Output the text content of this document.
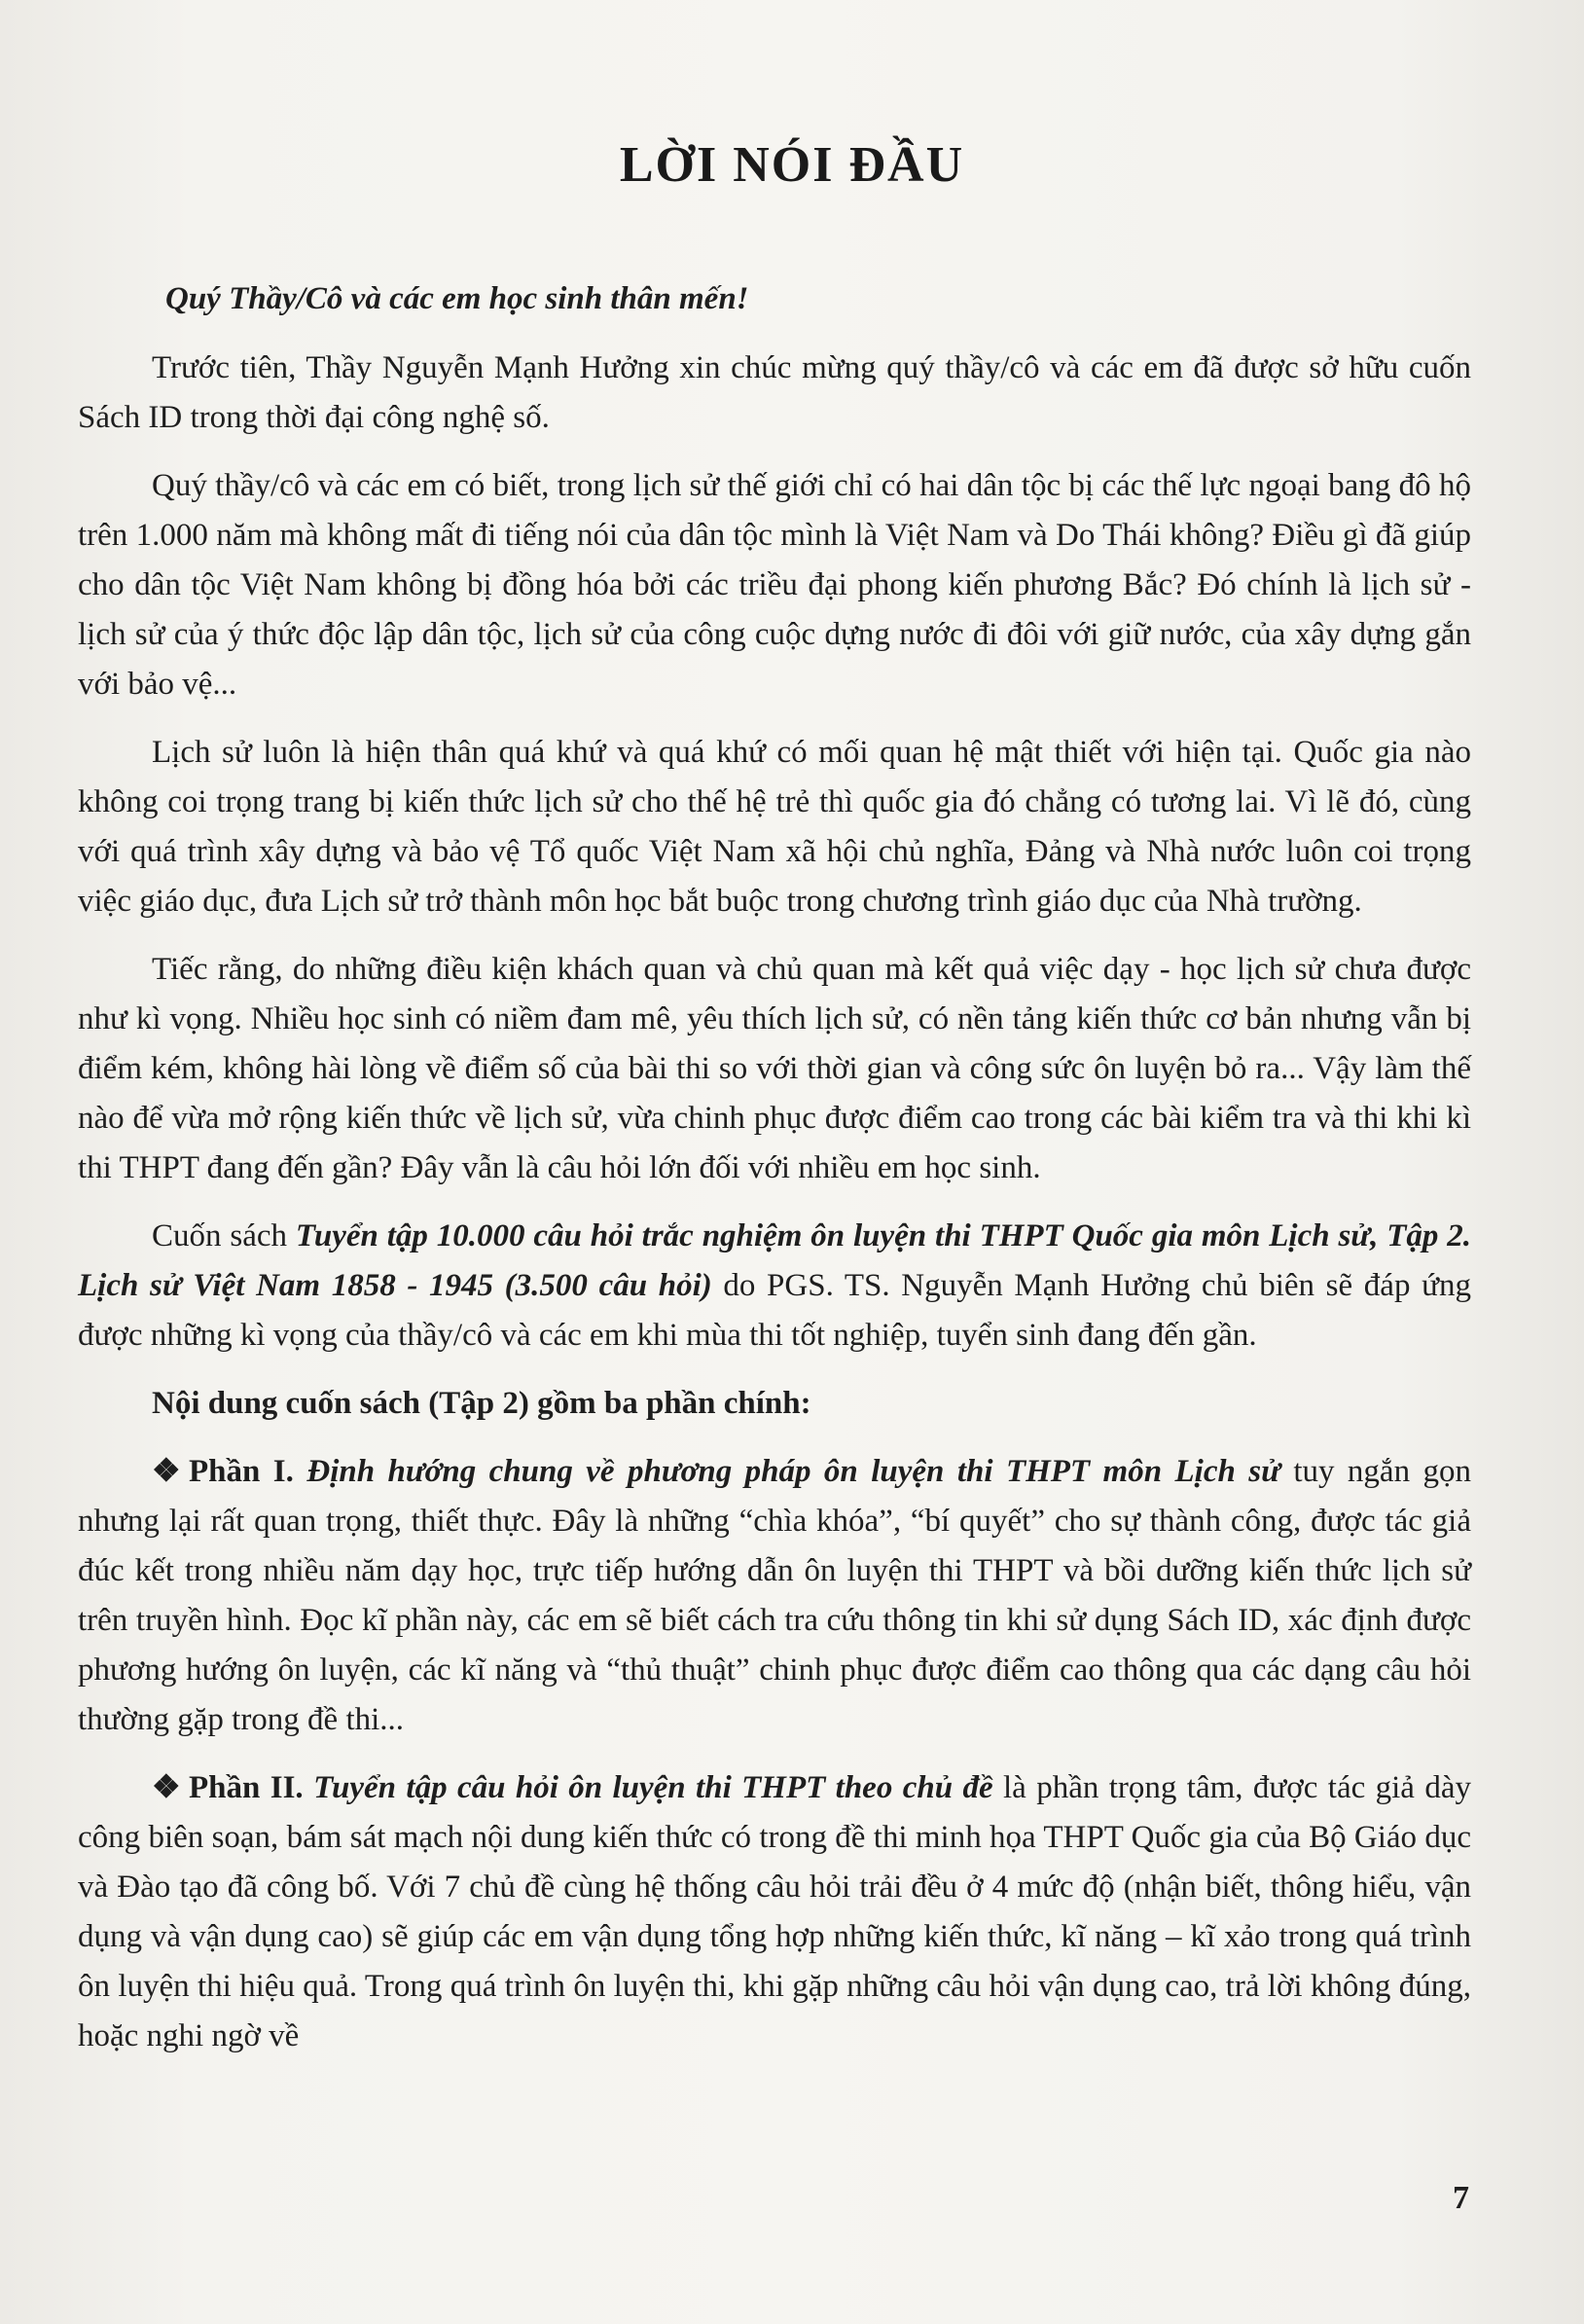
LỜI NÓI ĐẦU

Quý Thầy/Cô và các em học sinh thân mến!

Trước tiên, Thầy Nguyễn Mạnh Hưởng xin chúc mừng quý thầy/cô và các em đã được sở hữu cuốn Sách ID trong thời đại công nghệ số.

Quý thầy/cô và các em có biết, trong lịch sử thế giới chỉ có hai dân tộc bị các thế lực ngoại bang đô hộ trên 1.000 năm mà không mất đi tiếng nói của dân tộc mình là Việt Nam và Do Thái không? Điều gì đã giúp cho dân tộc Việt Nam không bị đồng hóa bởi các triều đại phong kiến phương Bắc? Đó chính là lịch sử - lịch sử của ý thức độc lập dân tộc, lịch sử của công cuộc dựng nước đi đôi với giữ nước, của xây dựng gắn với bảo vệ...

Lịch sử luôn là hiện thân quá khứ và quá khứ có mối quan hệ mật thiết với hiện tại. Quốc gia nào không coi trọng trang bị kiến thức lịch sử cho thế hệ trẻ thì quốc gia đó chẳng có tương lai. Vì lẽ đó, cùng với quá trình xây dựng và bảo vệ Tổ quốc Việt Nam xã hội chủ nghĩa, Đảng và Nhà nước luôn coi trọng việc giáo dục, đưa Lịch sử trở thành môn học bắt buộc trong chương trình giáo dục của Nhà trường.

Tiếc rằng, do những điều kiện khách quan và chủ quan mà kết quả việc dạy - học lịch sử chưa được như kì vọng. Nhiều học sinh có niềm đam mê, yêu thích lịch sử, có nền tảng kiến thức cơ bản nhưng vẫn bị điểm kém, không hài lòng về điểm số của bài thi so với thời gian và công sức ôn luyện bỏ ra... Vậy làm thế nào để vừa mở rộng kiến thức về lịch sử, vừa chinh phục được điểm cao trong các bài kiểm tra và thi khi kì thi THPT đang đến gần? Đây vẫn là câu hỏi lớn đối với nhiều em học sinh.

Cuốn sách Tuyển tập 10.000 câu hỏi trắc nghiệm ôn luyện thi THPT Quốc gia môn Lịch sử, Tập 2. Lịch sử Việt Nam 1858 - 1945 (3.500 câu hỏi) do PGS. TS. Nguyễn Mạnh Hưởng chủ biên sẽ đáp ứng được những kì vọng của thầy/cô và các em khi mùa thi tốt nghiệp, tuyển sinh đang đến gần.

Nội dung cuốn sách (Tập 2) gồm ba phần chính:

❖ Phần I. Định hướng chung về phương pháp ôn luyện thi THPT môn Lịch sử tuy ngắn gọn nhưng lại rất quan trọng, thiết thực. Đây là những “chìa khóa”, “bí quyết” cho sự thành công, được tác giả đúc kết trong nhiều năm dạy học, trực tiếp hướng dẫn ôn luyện thi THPT và bồi dưỡng kiến thức lịch sử trên truyền hình. Đọc kĩ phần này, các em sẽ biết cách tra cứu thông tin khi sử dụng Sách ID, xác định được phương hướng ôn luyện, các kĩ năng và “thủ thuật” chinh phục được điểm cao thông qua các dạng câu hỏi thường gặp trong đề thi...

❖ Phần II. Tuyển tập câu hỏi ôn luyện thi THPT theo chủ đề là phần trọng tâm, được tác giả dày công biên soạn, bám sát mạch nội dung kiến thức có trong đề thi minh họa THPT Quốc gia của Bộ Giáo dục và Đào tạo đã công bố. Với 7 chủ đề cùng hệ thống câu hỏi trải đều ở 4 mức độ (nhận biết, thông hiểu, vận dụng và vận dụng cao) sẽ giúp các em vận dụng tổng hợp những kiến thức, kĩ năng – kĩ xảo trong quá trình ôn luyện thi hiệu quả. Trong quá trình ôn luyện thi, khi gặp những câu hỏi vận dụng cao, trả lời không đúng, hoặc nghi ngờ về

7
